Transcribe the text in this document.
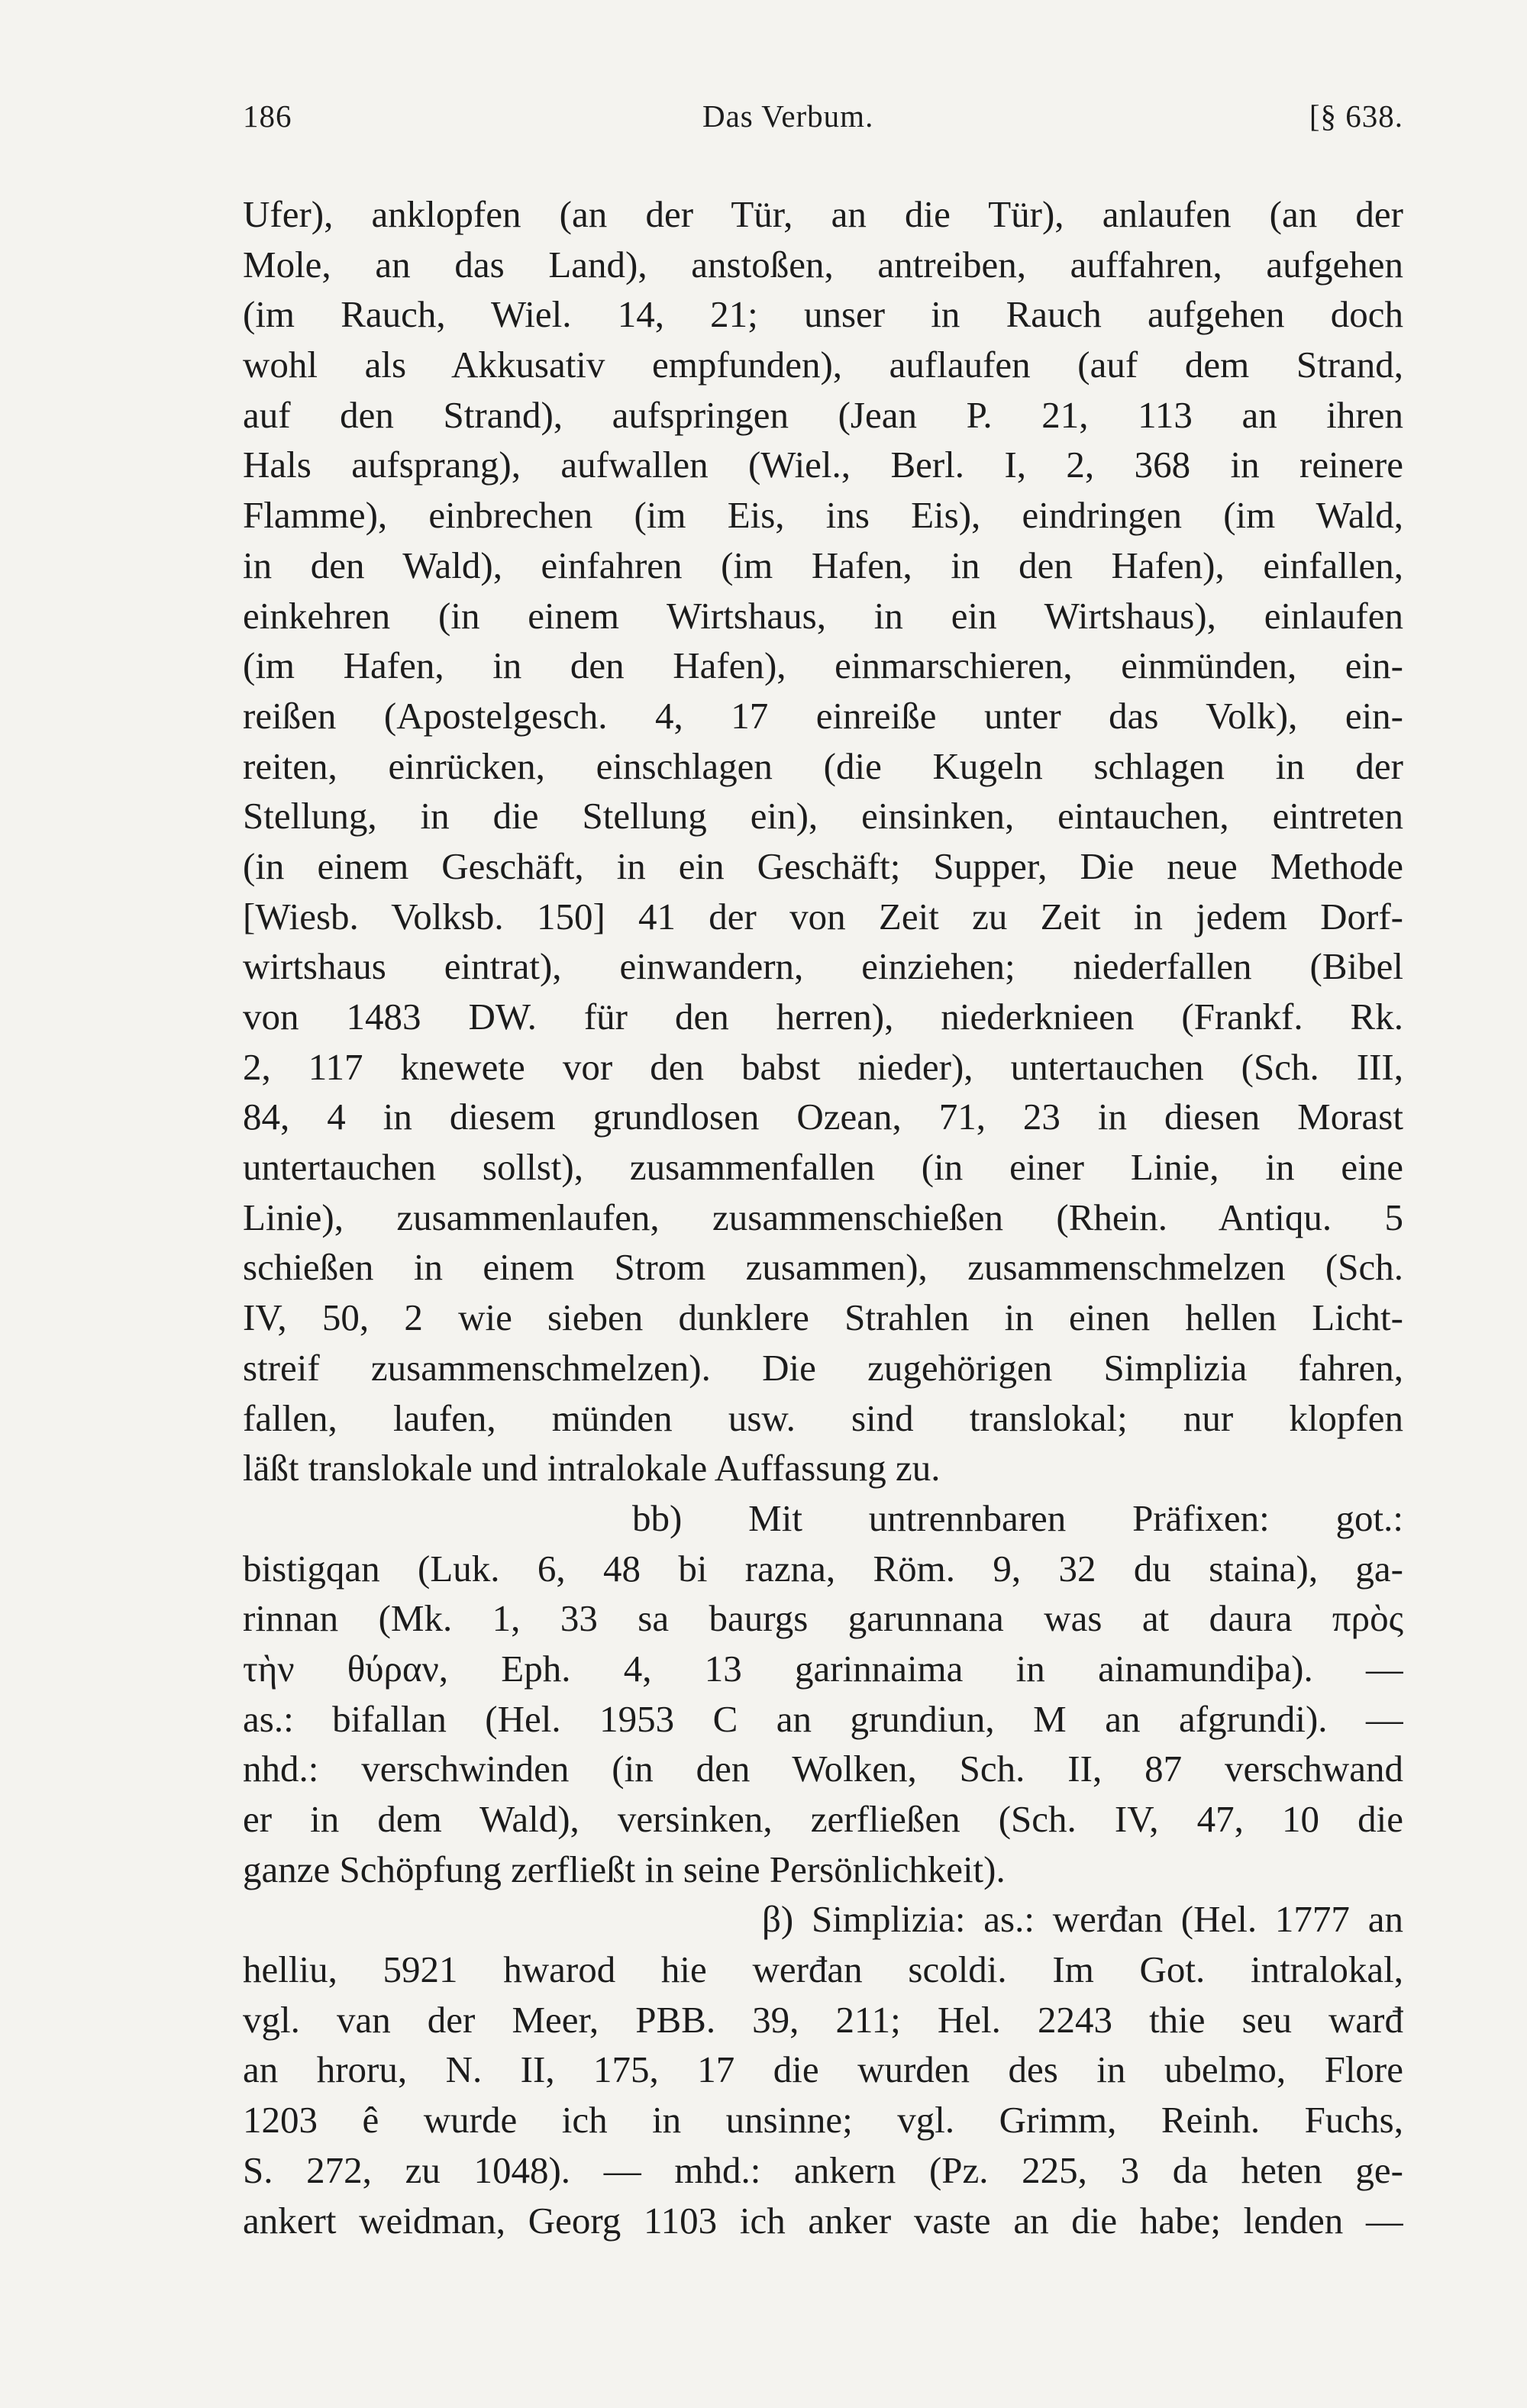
186	Das Verbum.	[§ 638.
Ufer), anklopfen (an der Tür, an die Tür), anlaufen (an der
Mole, an das Land), anstoßen, antreiben, auffahren, aufgehen
(im Rauch, Wiel. 14, 21; unser in Rauch aufgehen doch
wohl als Akkusativ empfunden), auflaufen (auf dem Strand,
auf den Strand), aufspringen (Jean P. 21, 113 an ihren
Hals aufsprang), aufwallen (Wiel., Berl. I, 2, 368 in reinere
Flamme), einbrechen (im Eis, ins Eis), eindringen (im Wald,
in den Wald), einfahren (im Hafen, in den Hafen), einfallen,
einkehren (in einem Wirtshaus, in ein Wirtshaus), einlaufen
(im Hafen, in den Hafen), einmarschieren, einmünden, ein-
reißen (Apostelgesch. 4, 17 einreiße unter das Volk), ein-
reiten, einrücken, einschlagen (die Kugeln schlagen in der
Stellung, in die Stellung ein), einsinken, eintauchen, eintreten
(in einem Geschäft, in ein Geschäft; Supper, Die neue Methode
[Wiesb. Volksb. 150] 41 der von Zeit zu Zeit in jedem Dorf-
wirtshaus eintrat), einwandern, einziehen; niederfallen (Bibel
von 1483 DW. für den herren), niederknieen (Frankf. Rk.
2, 117 knewete vor den babst nieder), untertauchen (Sch. III,
84, 4 in diesem grundlosen Ozean, 71, 23 in diesen Morast
untertauchen sollst), zusammenfallen (in einer Linie, in eine
Linie), zusammenlaufen, zusammenschießen (Rhein. Antiqu. 5
schießen in einem Strom zusammen), zusammenschmelzen (Sch.
IV, 50, 2 wie sieben dunklere Strahlen in einen hellen Licht-
streif zusammenschmelzen). Die zugehörigen Simplizia fahren,
fallen, laufen, münden usw. sind translokal; nur klopfen
läßt translokale und intralokale Auffassung zu.
bb) Mit untrennbaren Präfixen: got.:
bistigqan (Luk. 6, 48 bi razna, Röm. 9, 32 du staina), ga-
rinnan (Mk. 1, 33 sa baurgs garunnana was at daura πρὸς
τὴν θύραν, Eph. 4, 13 garinnaima in ainamundiþa). —
as.: bifallan (Hel. 1953 C an grundiun, M an afgrundi). —
nhd.: verschwinden (in den Wolken, Sch. II, 87 verschwand
er in dem Wald), versinken, zerfließen (Sch. IV, 47, 10 die
ganze Schöpfung zerfließt in seine Persönlichkeit).
β) Simplizia: as.: werđan (Hel. 1777 an
helliu, 5921 hwarod hie werđan scoldi. Im Got. intralokal,
vgl. van der Meer, PBB. 39, 211; Hel. 2243 thie seu warđ
an hroru, N. II, 175, 17 die wurden des in ubelmo, Flore
1203 ê wurde ich in unsinne; vgl. Grimm, Reinh. Fuchs,
S. 272, zu 1048). — mhd.: ankern (Pz. 225, 3 da heten ge-
ankert weidman, Georg 1103 ich anker vaste an die habe; lenden —
